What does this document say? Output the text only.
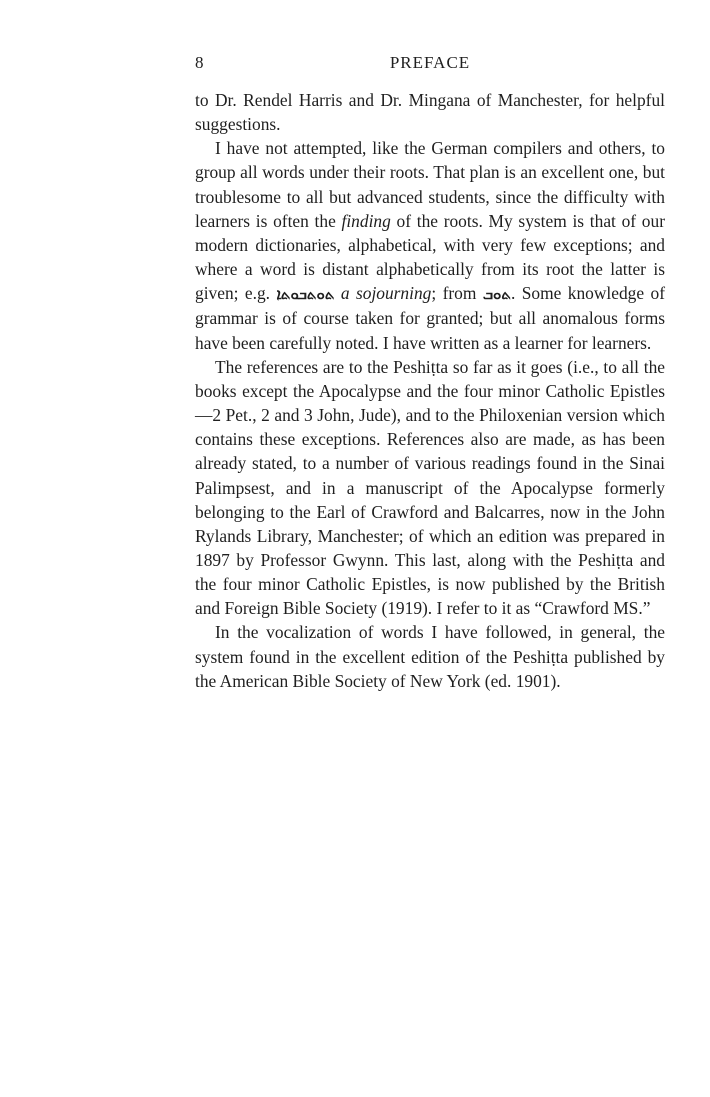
8	PREFACE

to Dr. Rendel Harris and Dr. Mingana of Manchester, for helpful suggestions.

I have not attempted, like the German compilers and others, to group all words under their roots. That plan is an excellent one, but troublesome to all but advanced students, since the difficulty with learners is often the finding of the roots. My system is that of our modern dictionaries, alphabetical, with very few exceptions; and where a word is distant alphabetically from its root the latter is given; e.g. ܬܘܬܒܘܬܐ a sojourning; from ܬܘܒ. Some knowledge of grammar is of course taken for granted; but all anomalous forms have been carefully noted. I have written as a learner for learners.

The references are to the Peshiṭta so far as it goes (i.e., to all the books except the Apocalypse and the four minor Catholic Epistles—2 Pet., 2 and 3 John, Jude), and to the Philoxenian version which contains these exceptions. References also are made, as has been already stated, to a number of various readings found in the Sinai Palimpsest, and in a manuscript of the Apocalypse formerly belonging to the Earl of Crawford and Balcarres, now in the John Rylands Library, Manchester; of which an edition was prepared in 1897 by Professor Gwynn. This last, along with the Peshiṭta and the four minor Catholic Epistles, is now published by the British and Foreign Bible Society (1919). I refer to it as “Crawford MS.”

In the vocalization of words I have followed, in general, the system found in the excellent edition of the Peshiṭta published by the American Bible Society of New York (ed. 1901).
